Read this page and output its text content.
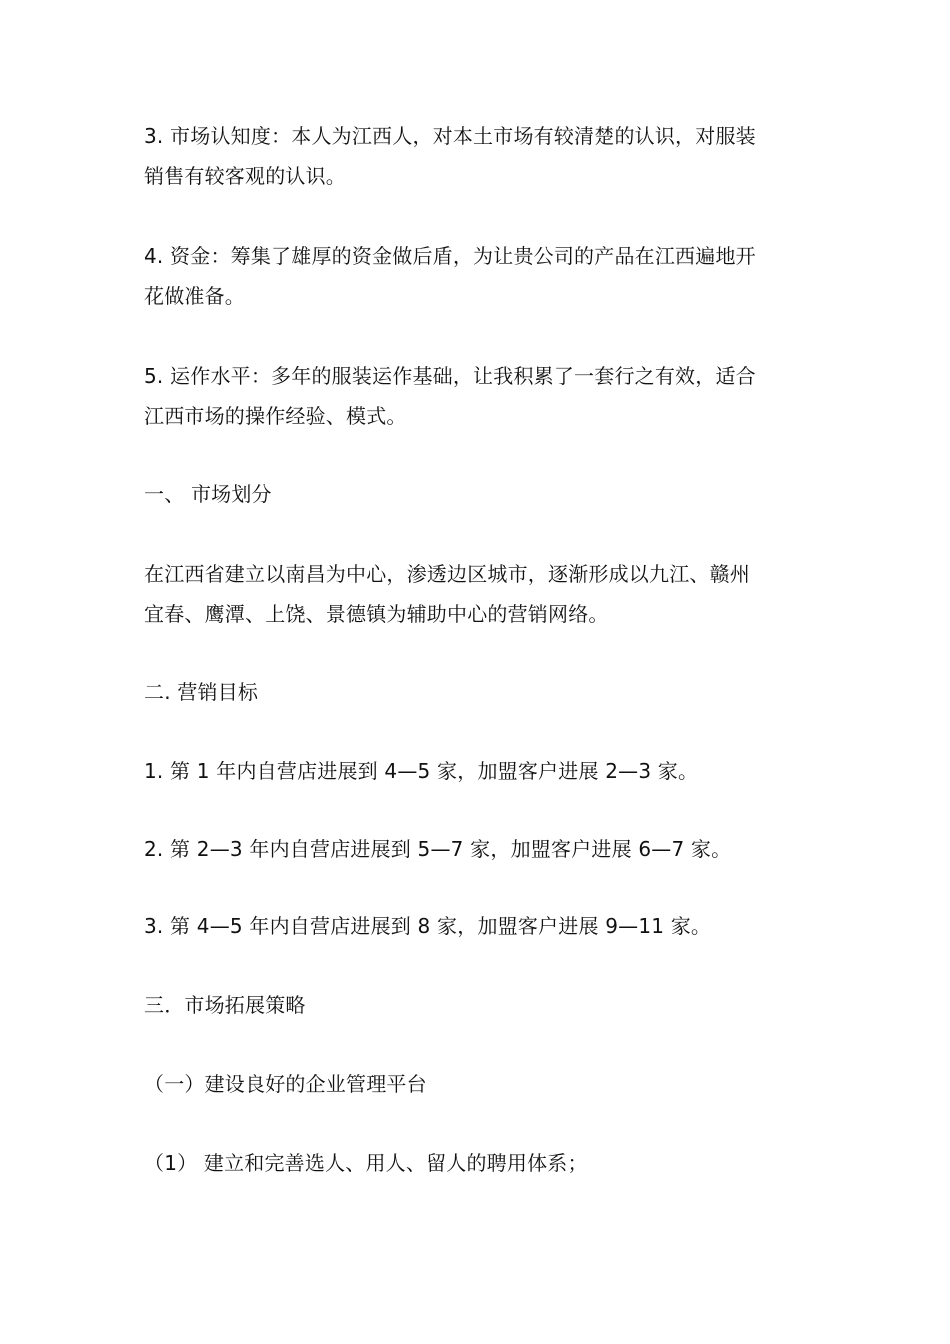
3. 市场认知度：本人为江西人，对本土市场有较清楚的认识，对服装
销售有较客观的认识。
4. 资金：筹集了雄厚的资金做后盾，为让贵公司的产品在江西遍地开
花做准备。
5. 运作水平：多年的服装运作基础，让我积累了一套行之有效，适合
江西市场的操作经验、模式。
一、 市场划分
在江西省建立以南昌为中心，渗透边区城市，逐渐形成以九江、赣州
宜春、鹰潭、上饶、景德镇为辅助中心的营销网络。
二. 营销目标
1. 第 1 年内自营店进展到 4—5 家，加盟客户进展 2—3 家。
2. 第 2—3 年内自营店进展到 5—7 家，加盟客户进展 6—7 家。
3. 第 4—5 年内自营店进展到 8 家，加盟客户进展 9—11 家。
三．市场拓展策略
（一）建设良好的企业管理平台
（1） 建立和完善选人、用人、留人的聘用体系；
